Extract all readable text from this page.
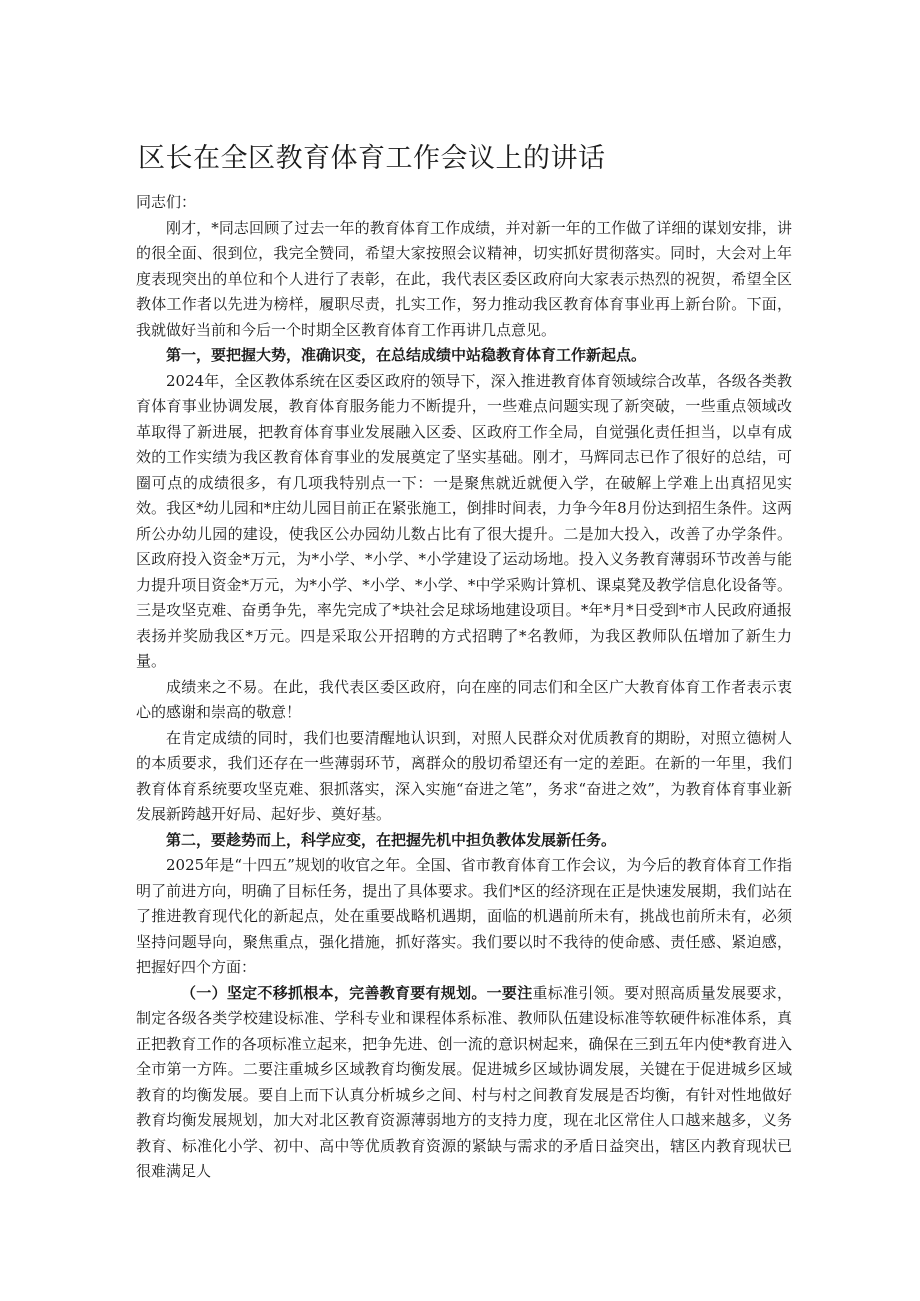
区长在全区教育体育工作会议上的讲话

同志们：

刚才，*同志回顾了过去一年的教育体育工作成绩，并对新一年的工作做了详细的谋划安排，讲的很全面、很到位，我完全赞同，希望大家按照会议精神，切实抓好贯彻落实。同时，大会对上年度表现突出的单位和个人进行了表彰，在此，我代表区委区政府向大家表示热烈的祝贺，希望全区教体工作者以先进为榜样，履职尽责，扎实工作，努力推动我区教育体育事业再上新台阶。下面，我就做好当前和今后一个时期全区教育体育工作再讲几点意见。

第一，要把握大势，准确识变，在总结成绩中站稳教育体育工作新起点。

2024年，全区教体系统在区委区政府的领导下，深入推进教育体育领域综合改革，各级各类教育体育事业协调发展，教育体育服务能力不断提升，一些难点问题实现了新突破，一些重点领域改革取得了新进展，把教育体育事业发展融入区委、区政府工作全局，自觉强化责任担当，以卓有成效的工作实绩为我区教育体育事业的发展奠定了坚实基础。刚才，马辉同志已作了很好的总结，可圈可点的成绩很多，有几项我特别点一下：一是聚焦就近就便入学，在破解上学难上出真招见实效。我区*幼儿园和*庄幼儿园目前正在紧张施工，倒排时间表，力争今年8月份达到招生条件。这两所公办幼儿园的建设，使我区公办园幼儿数占比有了很大提升。二是加大投入，改善了办学条件。区政府投入资金*万元，为*小学、*小学、*小学建设了运动场地。投入义务教育薄弱环节改善与能力提升项目资金*万元，为*小学、*小学、*小学、*中学采购计算机、课桌凳及教学信息化设备等。三是攻坚克难、奋勇争先，率先完成了*块社会足球场地建设项目。*年*月*日受到*市人民政府通报表扬并奖励我区*万元。四是采取公开招聘的方式招聘了*名教师，为我区教师队伍增加了新生力量。

成绩来之不易。在此，我代表区委区政府，向在座的同志们和全区广大教育体育工作者表示衷心的感谢和崇高的敬意！

在肯定成绩的同时，我们也要清醒地认识到，对照人民群众对优质教育的期盼，对照立德树人的本质要求，我们还存在一些薄弱环节，离群众的殷切希望还有一定的差距。在新的一年里，我们教育体育系统要攻坚克难、狠抓落实，深入实施“奋进之笔”，务求“奋进之效”，为教育体育事业新发展新跨越开好局、起好步、奠好基。

第二，要趁势而上，科学应变，在把握先机中担负教体发展新任务。

2025年是“十四五”规划的收官之年。全国、省市教育体育工作会议，为今后的教育体育工作指明了前进方向，明确了目标任务，提出了具体要求。我们*区的经济现在正是快速发展期，我们站在了推进教育现代化的新起点，处在重要战略机遇期，面临的机遇前所未有，挑战也前所未有，必须坚持问题导向，聚焦重点，强化措施，抓好落实。我们要以时不我待的使命感、责任感、紧迫感，把握好四个方面：

（一）坚定不移抓根本，完善教育要有规划。一要注重标准引领。要对照高质量发展要求，制定各级各类学校建设标准、学科专业和课程体系标准、教师队伍建设标准等软硬件标准体系，真正把教育工作的各项标准立起来，把争先进、创一流的意识树起来，确保在三到五年内使*教育进入全市第一方阵。二要注重城乡区域教育均衡发展。促进城乡区域协调发展，关键在于促进城乡区域教育的均衡发展。要自上而下认真分析城乡之间、村与村之间教育发展是否均衡，有针对性地做好教育均衡发展规划，加大对北区教育资源薄弱地方的支持力度，现在北区常住人口越来越多，义务教育、标准化小学、初中、高中等优质教育资源的紧缺与需求的矛盾日益突出，辖区内教育现状已很难满足人
